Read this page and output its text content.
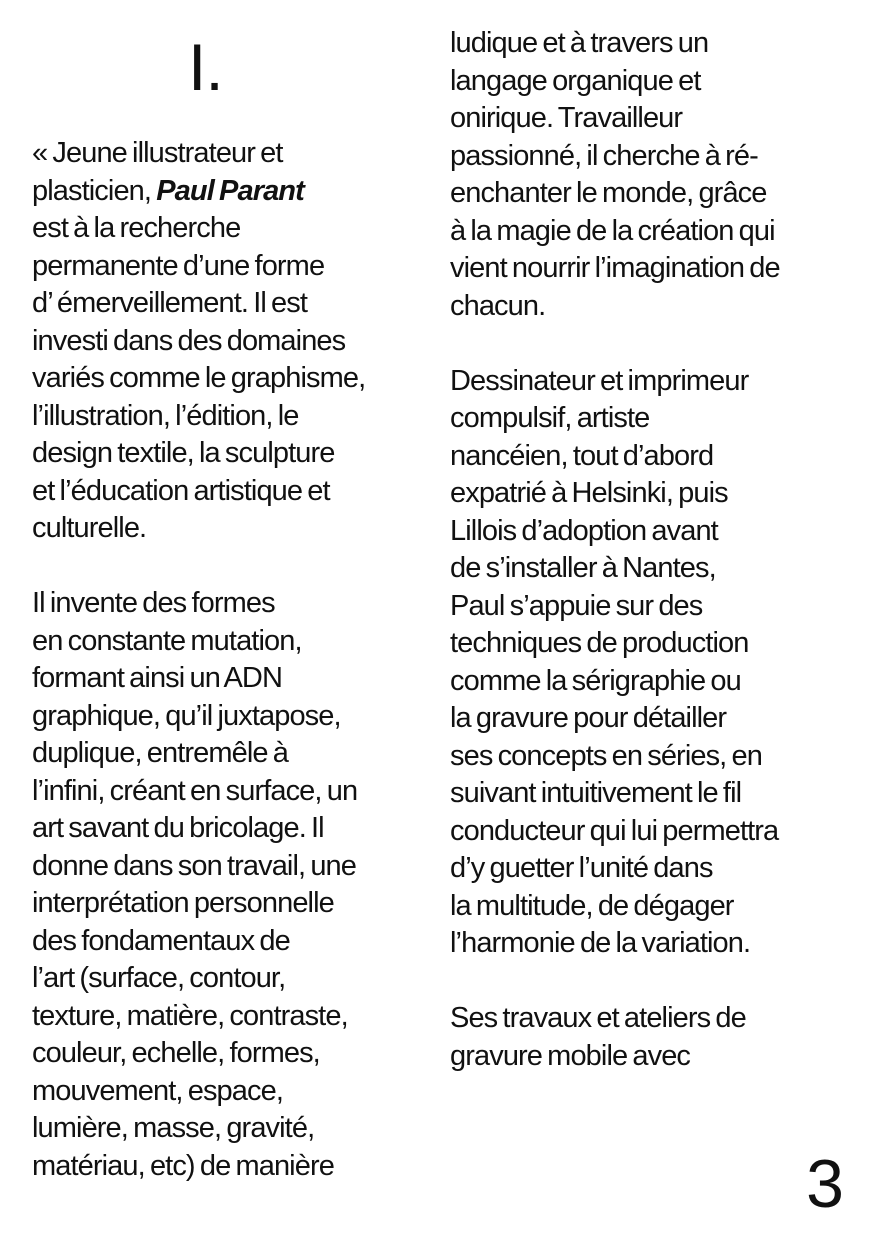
I.

« Jeune illustrateur et
plasticien, Paul Parant
est à la recherche
permanente d’une forme
d’ émerveillement. Il est
investi dans des domaines
variés comme le graphisme,
l’illustration, l’édition, le
design textile, la sculpture
et l’éducation artistique et
culturelle.

Il invente des formes
en constante mutation,
formant ainsi un ADN
graphique, qu’il juxtapose,
duplique, entremêle à
l’infini, créant en surface, un
art savant du bricolage. Il
donne dans son travail, une
interprétation personnelle
des fondamentaux de
l’art (surface, contour,
texture, matière, contraste,
couleur, echelle, formes,
mouvement, espace,
lumière, masse, gravité,
matériau, etc) de manière

ludique et à travers un
langage organique et
onirique. Travailleur
passionné, il cherche à ré-
enchanter le monde, grâce
à la magie de la création qui
vient nourrir l’imagination de
chacun.

Dessinateur et imprimeur
compulsif, artiste
nancéien, tout d’abord
expatrié à Helsinki, puis
Lillois d’adoption avant
de s’installer à Nantes,
Paul s’appuie sur des
techniques de production
comme la sérigraphie ou
la gravure pour détailler
ses concepts en séries, en
suivant intuitivement le fil
conducteur qui lui permettra
d’y guetter l’unité dans
la multitude, de dégager
l’harmonie de la variation.

Ses travaux et ateliers de
gravure mobile avec

3
